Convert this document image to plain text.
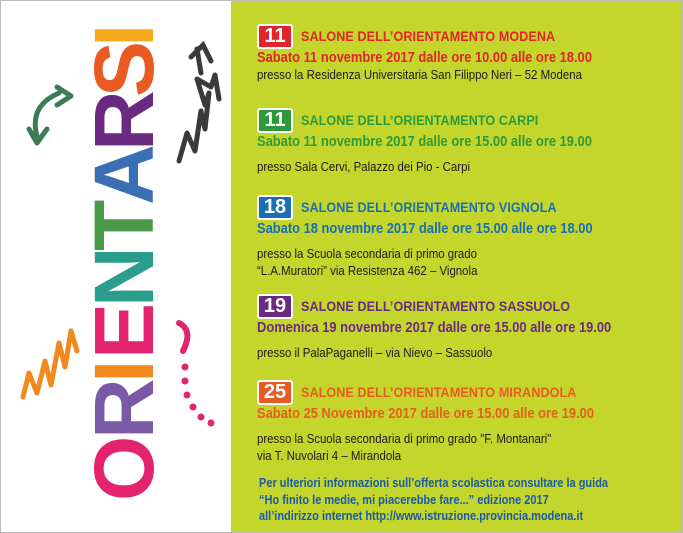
O
R
I
E
N
T
A
R
S
I	11	SALONE DELL’ORIENTAMENTO MODENA
Sabato 11 novembre 2017 dalle ore 10.00 alle ore 18.00
presso la Residenza Universitaria San Filippo Neri – 52 Modena
11	SALONE DELL’ORIENTAMENTO CARPI
Sabato 11 novembre 2017 dalle ore 15.00 alle ore 19.00
presso Sala Cervi, Palazzo dei Pio - Carpi
18	SALONE DELL’ORIENTAMENTO VIGNOLA
Sabato 18 novembre 2017 dalle ore 15.00 alle ore 18.00
presso la Scuola secondaria di primo grado
“L.A.Muratori” via Resistenza 462 – Vignola
19	SALONE DELL’ORIENTAMENTO SASSUOLO
Domenica 19 novembre 2017 dalle ore 15.00 alle ore 19.00
presso il PalaPaganelli – via Nievo – Sassuolo
25	SALONE DELL’ORIENTAMENTO MIRANDOLA
Sabato 25 Novembre 2017 dalle ore 15.00 alle ore 19.00
presso la Scuola secondaria di primo grado "F. Montanari"
via T. Nuvolari 4 – Mirandola
Per ulteriori informazioni sull’offerta scolastica consultare la guida
“Ho finito le medie, mi piacerebbe fare...” edizione 2017
all’indirizzo internet http://www.istruzione.provincia.modena.it
